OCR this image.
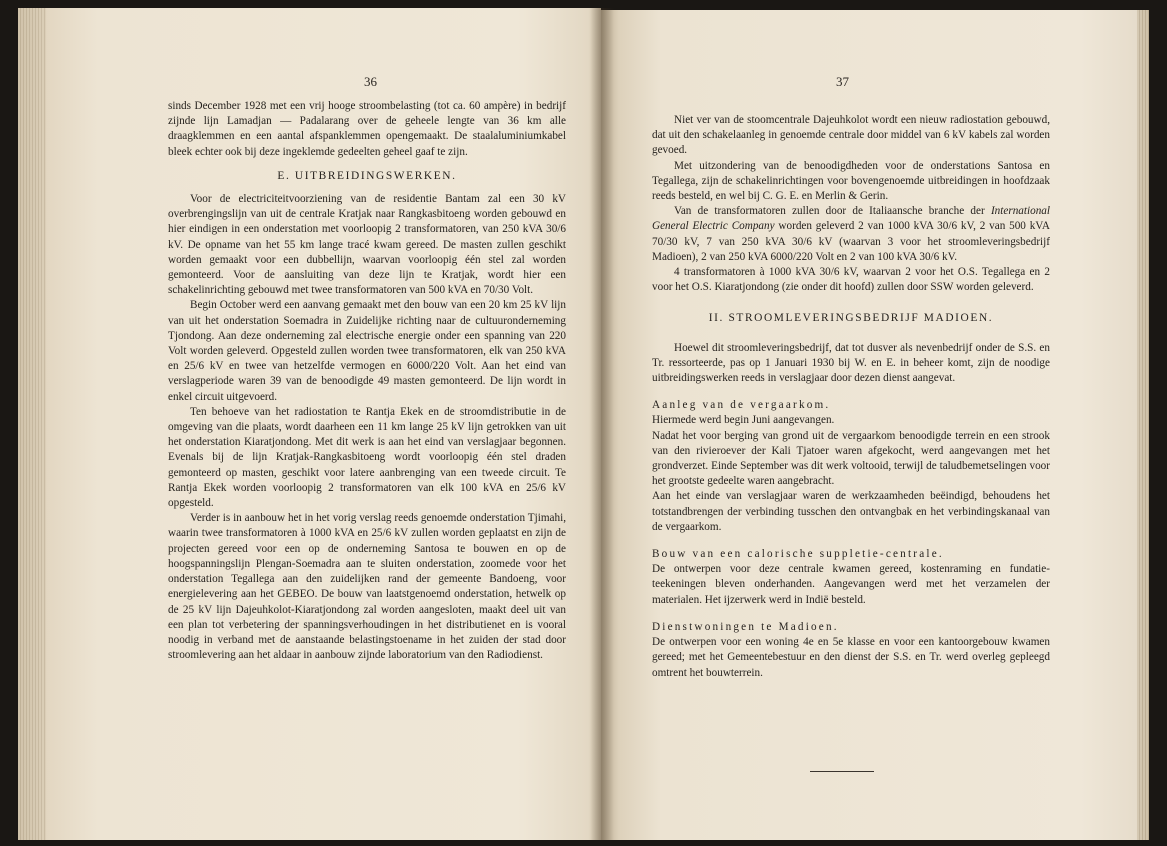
36

sinds December 1928 met een vrij hooge stroombelasting (tot ca. 60 ampère) in bedrijf zijnde lijn Lamadjan — Padalarang over de geheele lengte van 36 km alle draagklemmen en een aantal afspanklemmen opengemaakt. De staalaluminiumkabel bleek echter ook bij deze ingeklemde gedeelten geheel gaaf te zijn.

E. UITBREIDINGSWERKEN.

Voor de electriciteitvoorziening van de residentie Bantam zal een 30 kV overbrengingslijn van uit de centrale Kratjak naar Rangkasbitoeng worden gebouwd en hier eindigen in een onderstation met voorloopig 2 transformatoren, van 250 kVA 30/6 kV. De opname van het 55 km lange tracé kwam gereed. De masten zullen geschikt worden gemaakt voor een dubbellijn, waarvan voorloopig één stel zal worden gemonteerd. Voor de aansluiting van deze lijn te Kratjak, wordt hier een schakelinrichting gebouwd met twee transformatoren van 500 kVA en 70/30 Volt.

Begin October werd een aanvang gemaakt met den bouw van een 20 km 25 kV lijn van uit het onderstation Soemadra in Zuidelijke richting naar de cultuuronderneming Tjondong. Aan deze onderneming zal electrische energie onder een spanning van 220 Volt worden geleverd. Opgesteld zullen worden twee transformatoren, elk van 250 kVA en 25/6 kV en twee van hetzelfde vermogen en 6000/220 Volt. Aan het eind van verslagperiode waren 39 van de benoodigde 49 masten gemonteerd. De lijn wordt in enkel circuit uitgevoerd.

Ten behoeve van het radiostation te Rantja Ekek en de stroomdistributie in de omgeving van die plaats, wordt daarheen een 11 km lange 25 kV lijn getrokken van uit het onderstation Kiaratjondong. Met dit werk is aan het eind van verslagjaar begonnen. Evenals bij de lijn Kratjak-Rangkasbitoeng wordt voorloopig één stel draden gemonteerd op masten, geschikt voor latere aanbrenging van een tweede circuit. Te Rantja Ekek worden voorloopig 2 transformatoren van elk 100 kVA en 25/6 kV opgesteld.

Verder is in aanbouw het in het vorig verslag reeds genoemde onderstation Tjimahi, waarin twee transformatoren à 1000 kVA en 25/6 kV zullen worden geplaatst en zijn de projecten gereed voor een op de onderneming Santosa te bouwen en op de hoogspanningslijn Plengan-Soemadra aan te sluiten onderstation, zoomede voor het onderstation Tegallega aan den zuidelijken rand der gemeente Bandoeng, voor energielevering aan het GEBEO. De bouw van laatstgenoemd onderstation, hetwelk op de 25 kV lijn Dajeuhkolot-Kiaratjondong zal worden aangesloten, maakt deel uit van een plan tot verbetering der spanningsverhoudingen in het distributienet en is vooral noodig in verband met de aanstaande belastingstoename in het zuiden der stad door stroomlevering aan het aldaar in aanbouw zijnde laboratorium van den Radiodienst.

37

Niet ver van de stoomcentrale Dajeuhkolot wordt een nieuw radiostation gebouwd, dat uit den schakelaanleg in genoemde centrale door middel van 6 kV kabels zal worden gevoed.

Met uitzondering van de benoodigdheden voor de onderstations Santosa en Tegallega, zijn de schakelinrichtingen voor bovengenoemde uitbreidingen in hoofdzaak reeds besteld, en wel bij C. G. E. en Merlin & Gerin.

Van de transformatoren zullen door de Italiaansche branche der International General Electric Company worden geleverd 2 van 1000 kVA 30/6 kV, 2 van 500 kVA 70/30 kV, 7 van 250 kVA 30/6 kV (waarvan 3 voor het stroomleveringsbedrijf Madioen), 2 van 250 kVA 6000/220 Volt en 2 van 100 kVA 30/6 kV.

4 transformatoren à 1000 kVA 30/6 kV, waarvan 2 voor het O.S. Tegallega en 2 voor het O.S. Kiaratjondong (zie onder dit hoofd) zullen door SSW worden geleverd.

II. STROOMLEVERINGSBEDRIJF MADIOEN.

Hoewel dit stroomleveringsbedrijf, dat tot dusver als nevenbedrijf onder de S.S. en Tr. ressorteerde, pas op 1 Januari 1930 bij W. en E. in beheer komt, zijn de noodige uitbreidingswerken reeds in verslagjaar door dezen dienst aangevat.

Aanleg van de vergaarkom.

Hiermede werd begin Juni aangevangen.

Nadat het voor berging van grond uit de vergaarkom benoodigde terrein en een strook van den rivieroever der Kali Tjatoer waren afgekocht, werd aangevangen met het grondverzet. Einde September was dit werk voltooid, terwijl de taludbemetselingen voor het grootste gedeelte waren aangebracht.

Aan het einde van verslagjaar waren de werkzaamheden beëindigd, behoudens het totstandbrengen der verbinding tusschen den ontvangbak en het verbindingskanaal van de vergaarkom.

Bouw van een calorische suppletie-centrale.

De ontwerpen voor deze centrale kwamen gereed, kostenraming en fundatie-teekeningen bleven onderhanden. Aangevangen werd met het verzamelen der materialen. Het ijzerwerk werd in Indië besteld.

Dienstwoningen te Madioen.

De ontwerpen voor een woning 4e en 5e klasse en voor een kantoorgebouw kwamen gereed; met het Gemeentebestuur en den dienst der S.S. en Tr. werd overleg gepleegd omtrent het bouwterrein.
